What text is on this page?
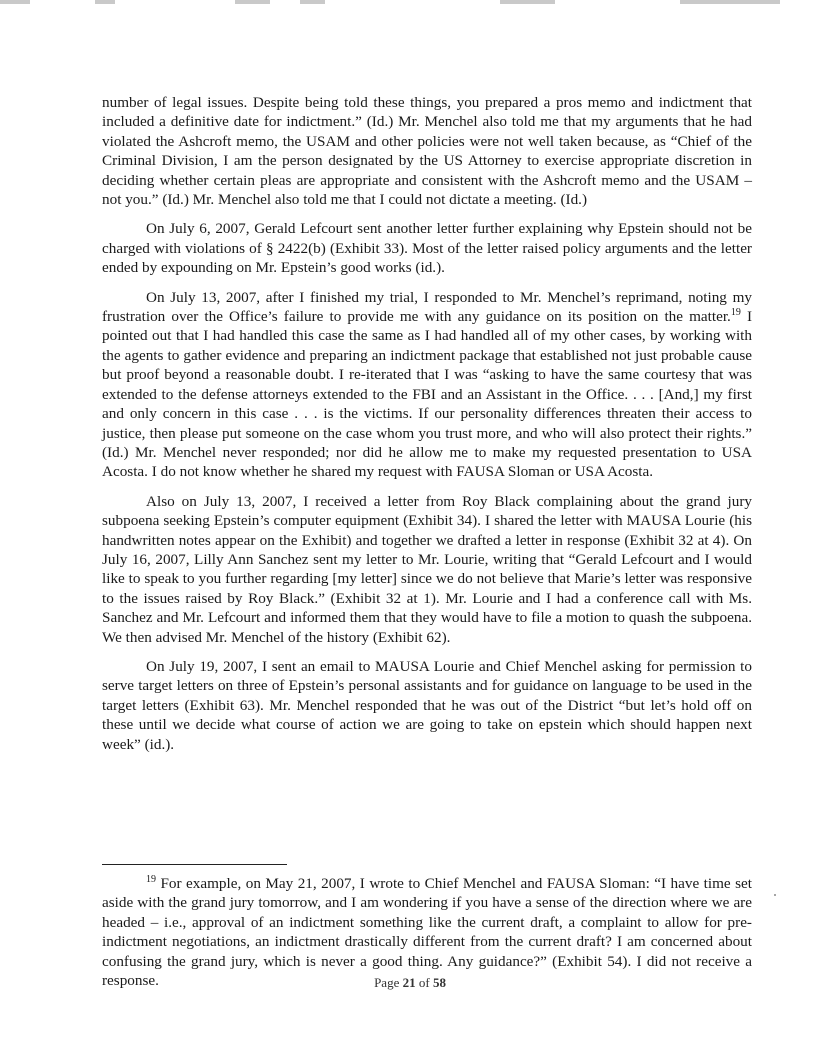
number of legal issues. Despite being told these things, you prepared a pros memo and indictment that included a definitive date for indictment.” (Id.) Mr. Menchel also told me that my arguments that he had violated the Ashcroft memo, the USAM and other policies were not well taken because, as “Chief of the Criminal Division, I am the person designated by the US Attorney to exercise appropriate discretion in deciding whether certain pleas are appropriate and consistent with the Ashcroft memo and the USAM – not you.” (Id.) Mr. Menchel also told me that I could not dictate a meeting. (Id.)

On July 6, 2007, Gerald Lefcourt sent another letter further explaining why Epstein should not be charged with violations of § 2422(b) (Exhibit 33). Most of the letter raised policy arguments and the letter ended by expounding on Mr. Epstein’s good works (id.).

On July 13, 2007, after I finished my trial, I responded to Mr. Menchel’s reprimand, noting my frustration over the Office’s failure to provide me with any guidance on its position on the matter.$^{19}$ I pointed out that I had handled this case the same as I had handled all of my other cases, by working with the agents to gather evidence and preparing an indictment package that established not just probable cause but proof beyond a reasonable doubt. I re-iterated that I was “asking to have the same courtesy that was extended to the defense attorneys extended to the FBI and an Assistant in the Office. . . . [And,] my first and only concern in this case . . . is the victims. If our personality differences threaten their access to justice, then please put someone on the case whom you trust more, and who will also protect their rights.” (Id.) Mr. Menchel never responded; nor did he allow me to make my requested presentation to USA Acosta. I do not know whether he shared my request with FAUSA Sloman or USA Acosta.

Also on July 13, 2007, I received a letter from Roy Black complaining about the grand jury subpoena seeking Epstein’s computer equipment (Exhibit 34). I shared the letter with MAUSA Lourie (his handwritten notes appear on the Exhibit) and together we drafted a letter in response (Exhibit 32 at 4). On July 16, 2007, Lilly Ann Sanchez sent my letter to Mr. Lourie, writing that “Gerald Lefcourt and I would like to speak to you further regarding [my letter] since we do not believe that Marie’s letter was responsive to the issues raised by Roy Black.” (Exhibit 32 at 1). Mr. Lourie and I had a conference call with Ms. Sanchez and Mr. Lefcourt and informed them that they would have to file a motion to quash the subpoena. We then advised Mr. Menchel of the history (Exhibit 62).

On July 19, 2007, I sent an email to MAUSA Lourie and Chief Menchel asking for permission to serve target letters on three of Epstein’s personal assistants and for guidance on language to be used in the target letters (Exhibit 63). Mr. Menchel responded that he was out of the District “but let’s hold off on these until we decide what course of action we are going to take on epstein which should happen next week” (id.).

$^{19}$ For example, on May 21, 2007, I wrote to Chief Menchel and FAUSA Sloman: “I have time set aside with the grand jury tomorrow, and I am wondering if you have a sense of the direction where we are headed – i.e., approval of an indictment something like the current draft, a complaint to allow for pre-indictment negotiations, an indictment drastically different from the current draft? I am concerned about confusing the grand jury, which is never a good thing. Any guidance?” (Exhibit 54). I did not receive a response.	Page 21 of 58
